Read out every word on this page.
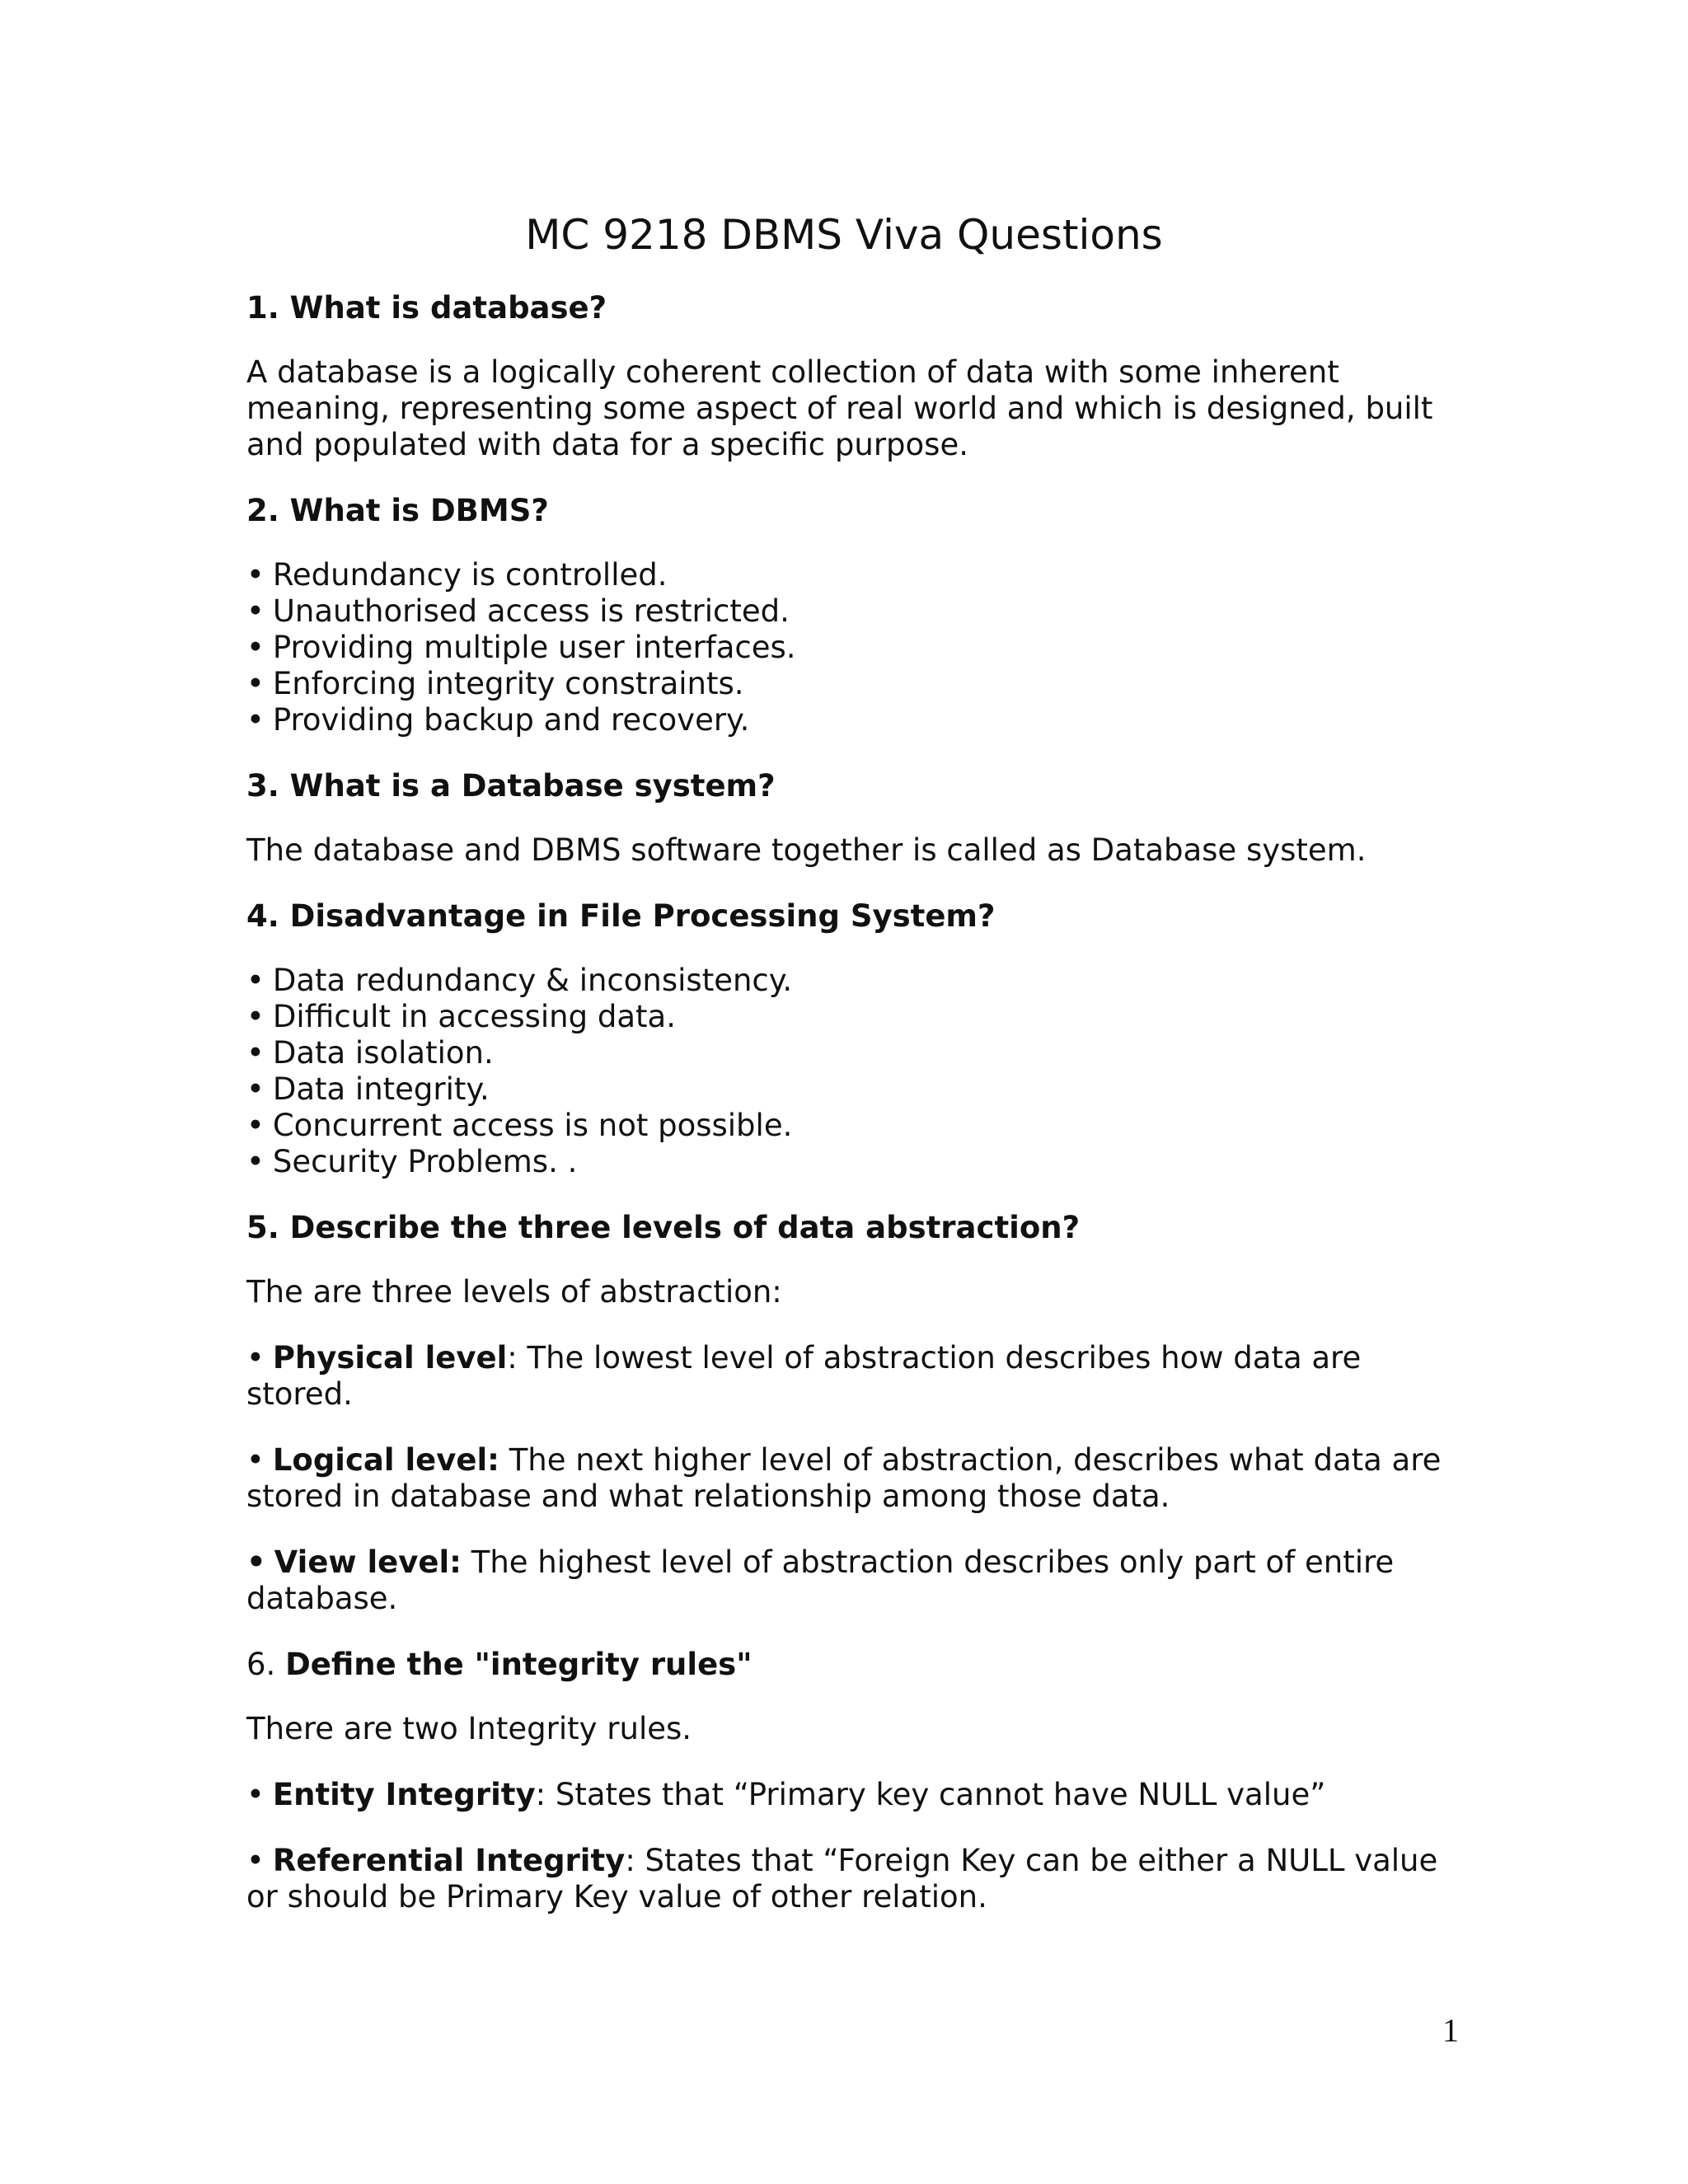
MC 9218 DBMS Viva Questions

1. What is database?

A database is a logically coherent collection of data with some inherent meaning, representing some aspect of real world and which is designed, built and populated with data for a specific purpose.

2. What is DBMS?

• Redundancy is controlled.
• Unauthorised access is restricted.
• Providing multiple user interfaces.
• Enforcing integrity constraints.
• Providing backup and recovery.

3. What is a Database system?

The database and DBMS software together is called as Database system.

4. Disadvantage in File Processing System?

• Data redundancy & inconsistency.
• Difficult in accessing data.
• Data isolation.
• Data integrity.
• Concurrent access is not possible.
• Security Problems. .

5. Describe the three levels of data abstraction?

The are three levels of abstraction:

• Physical level: The lowest level of abstraction describes how data are stored.

• Logical level: The next higher level of abstraction, describes what data are stored in database and what relationship among those data.

• View level: The highest level of abstraction describes only part of entire database.

6. Define the "integrity rules"

There are two Integrity rules.

• Entity Integrity: States that “Primary key cannot have NULL value”

• Referential Integrity: States that “Foreign Key can be either a NULL value or should be Primary Key value of other relation.

1
